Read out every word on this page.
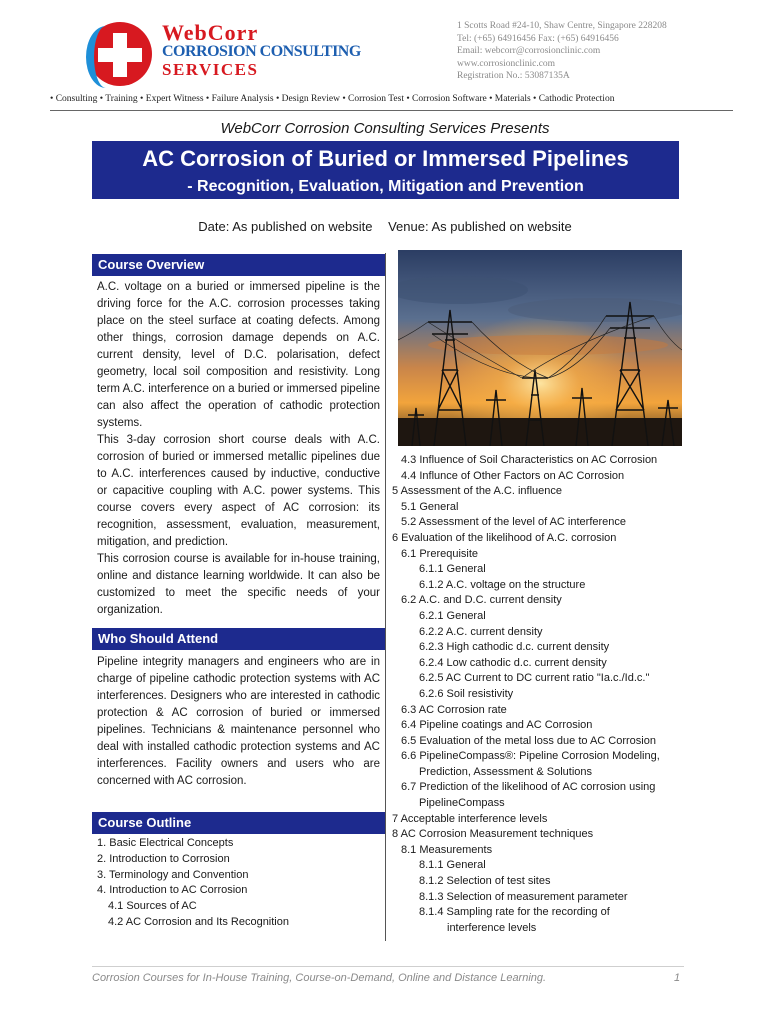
WebCorr
CORROSION CONSULTING
SERVICES
1 Scotts Road #24-10, Shaw Centre, Singapore 228208
Tel: (+65) 64916456 Fax: (+65) 64916456
Email: webcorr@corrosionclinic.com
www.corrosionclinic.com
Registration No.: 53087135A
• Consulting • Training • Expert Witness • Failure Analysis • Design Review • Corrosion Test • Corrosion Software • Materials • Cathodic Protection
WebCorr Corrosion Consulting Services Presents
AC Corrosion of Buried or Immersed Pipelines
- Recognition, Evaluation, Mitigation and Prevention
Date: As published on website Venue: As published on website
Course Overview

A.C. voltage on a buried or immersed pipeline is the driving force for the A.C. corrosion processes taking place on the steel surface at coating defects. Among other things, corrosion damage depends on A.C. current density, level of D.C. polarisation, defect geometry, local soil composition and resistivity. Long term A.C. interference on a buried or immersed pipeline can also affect the operation of cathodic protection systems.

This 3-day corrosion short course deals with A.C. corrosion of buried or immersed metallic pipelines due to A.C. interferences caused by inductive, conductive or capacitive coupling with A.C. power systems. This course covers every aspect of AC corrosion: its recognition, assessment, evaluation, measurement, mitigation, and prediction.

This corrosion course is available for in-house training, online and distance learning worldwide. It can also be customized to meet the specific needs of your organization.

Who Should Attend

Pipeline integrity managers and engineers who are in charge of pipeline cathodic protection systems with AC interferences. Designers who are interested in cathodic protection & AC corrosion of buried or immersed pipelines. Technicians & maintenance personnel who deal with installed cathodic protection systems and AC interferences. Facility owners and users who are concerned with AC corrosion.

Course Outline
1. Basic Electrical Concepts
2. Introduction to Corrosion
3. Terminology and Convention
4. Introduction to AC Corrosion
4.1 Sources of AC
4.2 AC Corrosion and Its Recognition
4.3 Influence of Soil Characteristics on AC Corrosion
4.4 Influnce of Other Factors on AC Corrosion
5 Assessment of the A.C. influence
5.1 General
5.2 Assessment of the level of AC interference
6 Evaluation of the likelihood of A.C. corrosion
6.1 Prerequisite
6.1.1 General
6.1.2 A.C. voltage on the structure
6.2 A.C. and D.C. current density
6.2.1 General
6.2.2 A.C. current density
6.2.3 High cathodic d.c. current density
6.2.4 Low cathodic d.c. current density
6.2.5 AC Current to DC current ratio "Ia.c./Id.c."
6.2.6 Soil resistivity
6.3 AC Corrosion rate
6.4 Pipeline coatings and AC Corrosion
6.5 Evaluation of the metal loss due to AC Corrosion
6.6 PipelineCompass®: Pipeline Corrosion Modeling,
Prediction, Assessment & Solutions
6.7 Prediction of the likelihood of AC corrosion using
PipelineCompass
7 Acceptable interference levels
8 AC Corrosion Measurement techniques
8.1 Measurements
8.1.1 General
8.1.2 Selection of test sites
8.1.3 Selection of measurement parameter
8.1.4 Sampling rate for the recording of
interference levels
Corrosion Courses for In-House Training, Course-on-Demand, Online and Distance Learning.	1
